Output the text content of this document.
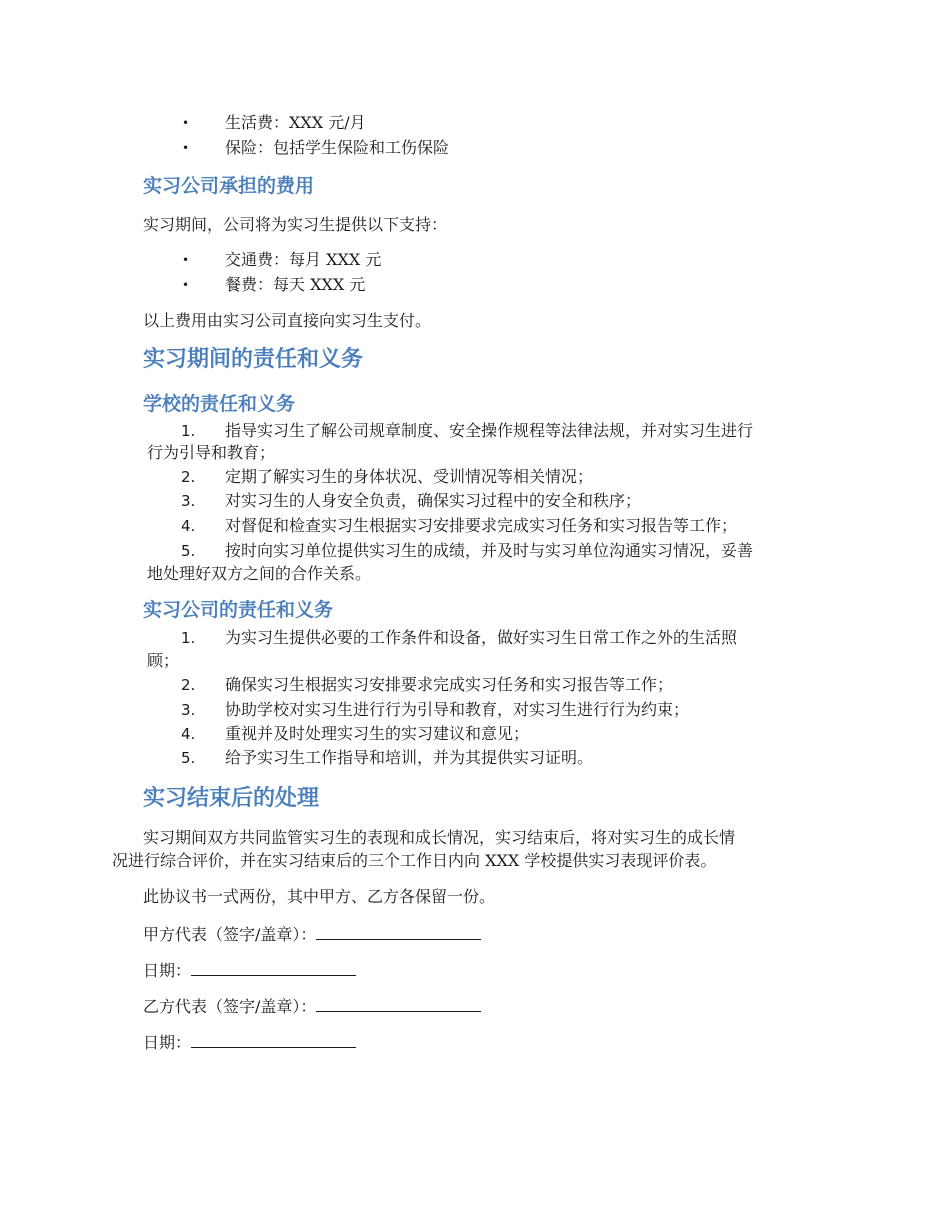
• 生活费：XXX 元/月
• 保险：包括学生保险和工伤保险
实习公司承担的费用
实习期间，公司将为实习生提供以下支持：
• 交通费：每月 XXX 元
• 餐费：每天 XXX 元
以上费用由实习公司直接向实习生支付。
实习期间的责任和义务
学校的责任和义务
1. 指导实习生了解公司规章制度、安全操作规程等法律法规，并对实习生进行
行为引导和教育；
2. 定期了解实习生的身体状况、受训情况等相关情况；
3. 对实习生的人身安全负责，确保实习过程中的安全和秩序；
4. 对督促和检查实习生根据实习安排要求完成实习任务和实习报告等工作；
5. 按时向实习单位提供实习生的成绩，并及时与实习单位沟通实习情况，妥善
地处理好双方之间的合作关系。
实习公司的责任和义务
1. 为实习生提供必要的工作条件和设备，做好实习生日常工作之外的生活照
顾；
2. 确保实习生根据实习安排要求完成实习任务和实习报告等工作；
3. 协助学校对实习生进行行为引导和教育，对实习生进行行为约束；
4. 重视并及时处理实习生的实习建议和意见；
5. 给予实习生工作指导和培训，并为其提供实习证明。
实习结束后的处理
实习期间双方共同监管实习生的表现和成长情况，实习结束后，将对实习生的成长情
况进行综合评价，并在实习结束后的三个工作日内向 XXX 学校提供实习表现评价表。
此协议书一式两份，其中甲方、乙方各保留一份。
甲方代表（签字/盖章）：
日期：
乙方代表（签字/盖章）：
日期：
